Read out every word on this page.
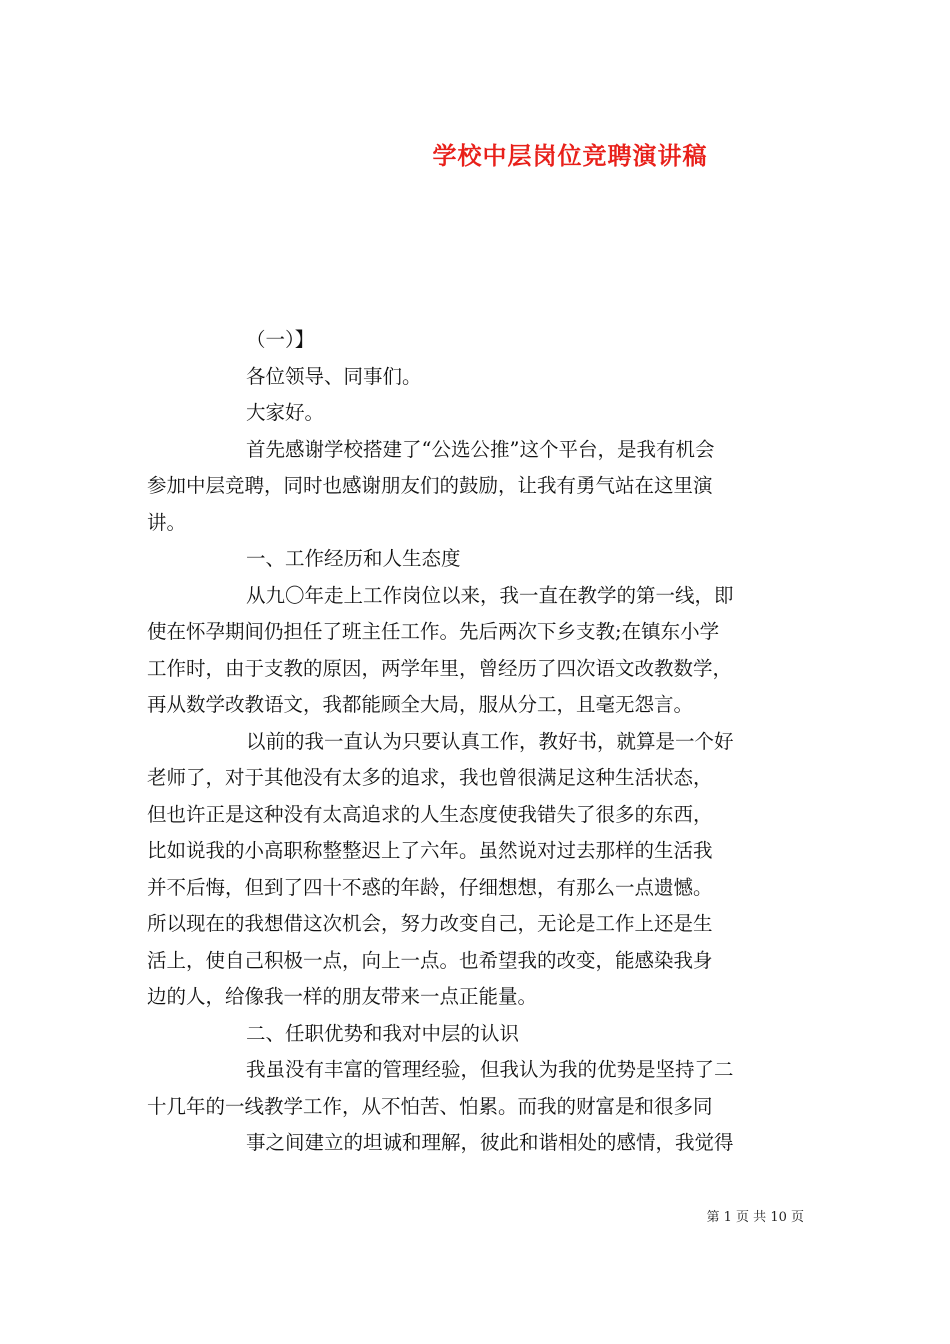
学校中层岗位竞聘演讲稿
（一）】
各位领导、同事们。
大家好。
首先感谢学校搭建了“公选公推”这个平台，是我有机会
参加中层竞聘，同时也感谢朋友们的鼓励，让我有勇气站在这里演
讲。
一、工作经历和人生态度
从九〇年走上工作岗位以来，我一直在教学的第一线，即
使在怀孕期间仍担任了班主任工作。先后两次下乡支教;在镇东小学
工作时，由于支教的原因，两学年里，曾经历了四次语文改教数学，
再从数学改教语文，我都能顾全大局，服从分工，且毫无怨言。
以前的我一直认为只要认真工作，教好书，就算是一个好
老师了，对于其他没有太多的追求，我也曾很满足这种生活状态，
但也许正是这种没有太高追求的人生态度使我错失了很多的东西，
比如说我的小高职称整整迟上了六年。虽然说对过去那样的生活我
并不后悔，但到了四十不惑的年龄，仔细想想，有那么一点遗憾。
所以现在的我想借这次机会，努力改变自己，无论是工作上还是生
活上，使自己积极一点，向上一点。也希望我的改变，能感染我身
边的人，给像我一样的朋友带来一点正能量。
二、任职优势和我对中层的认识
我虽没有丰富的管理经验，但我认为我的优势是坚持了二
十几年的一线教学工作，从不怕苦、怕累。而我的财富是和很多同
事之间建立的坦诚和理解，彼此和谐相处的感情，我觉得
第 1 页 共 10 页
